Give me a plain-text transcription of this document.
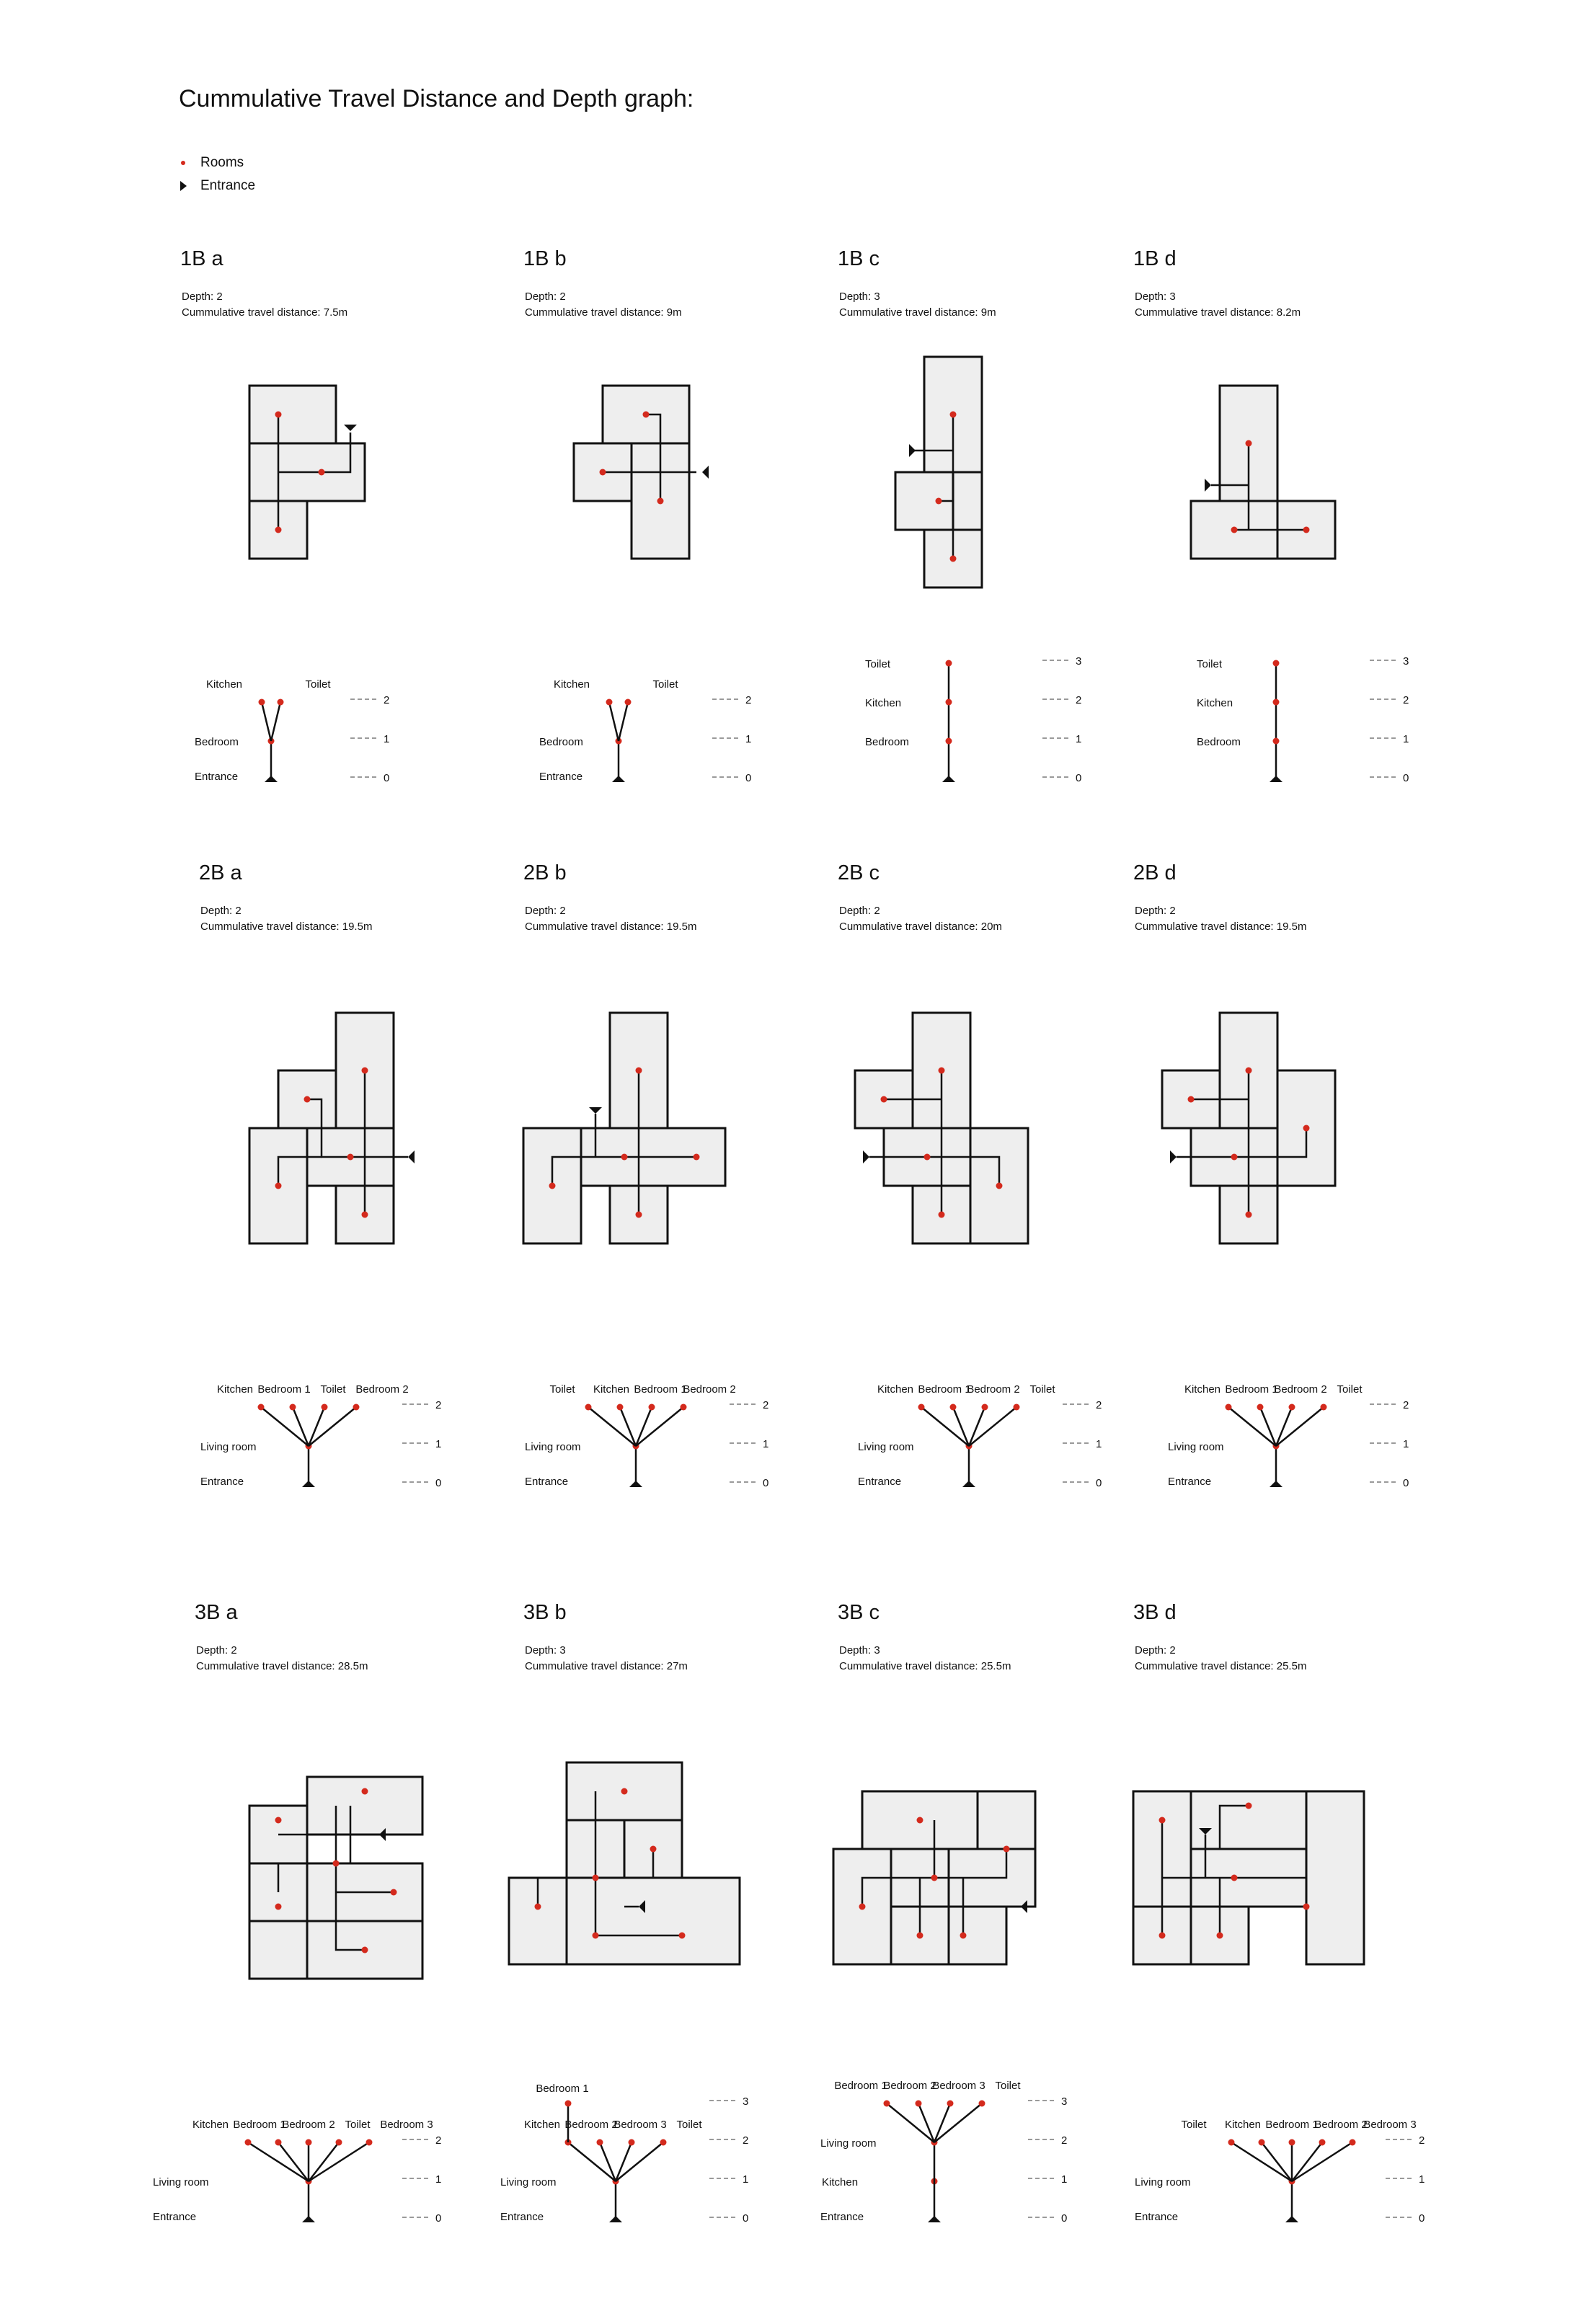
Cummulative Travel Distance and Depth graph:
Rooms
Entrance
1B a
Depth: 2
Cummulative travel distance: 7.5m
0
1
2
Entrance
Bedroom
Kitchen	Toilet
1B b
Depth: 2
Cummulative travel distance: 9m
0
1
2
Entrance
Bedroom
Kitchen	Toilet
1B c
Depth: 3
Cummulative travel distance: 9m
0
1
2
3
Bedroom
Kitchen
Toilet
1B d
Depth: 3
Cummulative travel distance: 8.2m
0
1
2
3
Bedroom
Kitchen
Toilet
2B a
Depth: 2
Cummulative travel distance: 19.5m
0
1
2
Entrance
Living room
Kitchen Bedroom 1 Toilet Bedroom 2
2B b
Depth: 2
Cummulative travel distance: 19.5m
0
1
2
Entrance
Living room
Toilet Kitchen Bedroom 1
Bedroom 2
2B c
Depth: 2
Cummulative travel distance: 20m
0
1
2
Entrance
Living room
Kitchen Bedroom 1
Bedroom 2 Toilet
2B d
Depth: 2
Cummulative travel distance: 19.5m
0
1
2
Entrance
Living room
Kitchen Bedroom 1
Bedroom 2 Toilet
3B a
Depth: 2
Cummulative travel distance: 28.5m
0
1
2
Entrance
Living room
Kitchen Bedroom 1
Bedroom 2 Toilet Bedroom 3
3B b
Depth: 3
Cummulative travel distance: 27m
0
1
2
3
Entrance
Living room
Kitchen Bedroom 2
Bedroom 3 Toilet
Bedroom 1
3B c
Depth: 3
Cummulative travel distance: 25.5m
0
1
2
3
Entrance
Kitchen
Living room
Bedroom 1
Bedroom 2
Bedroom 3 Toilet
3B d
Depth: 2
Cummulative travel distance: 25.5m
0
1
2
Entrance
Living room
Toilet Kitchen Bedroom 1
Bedroom 2
Bedroom 3
